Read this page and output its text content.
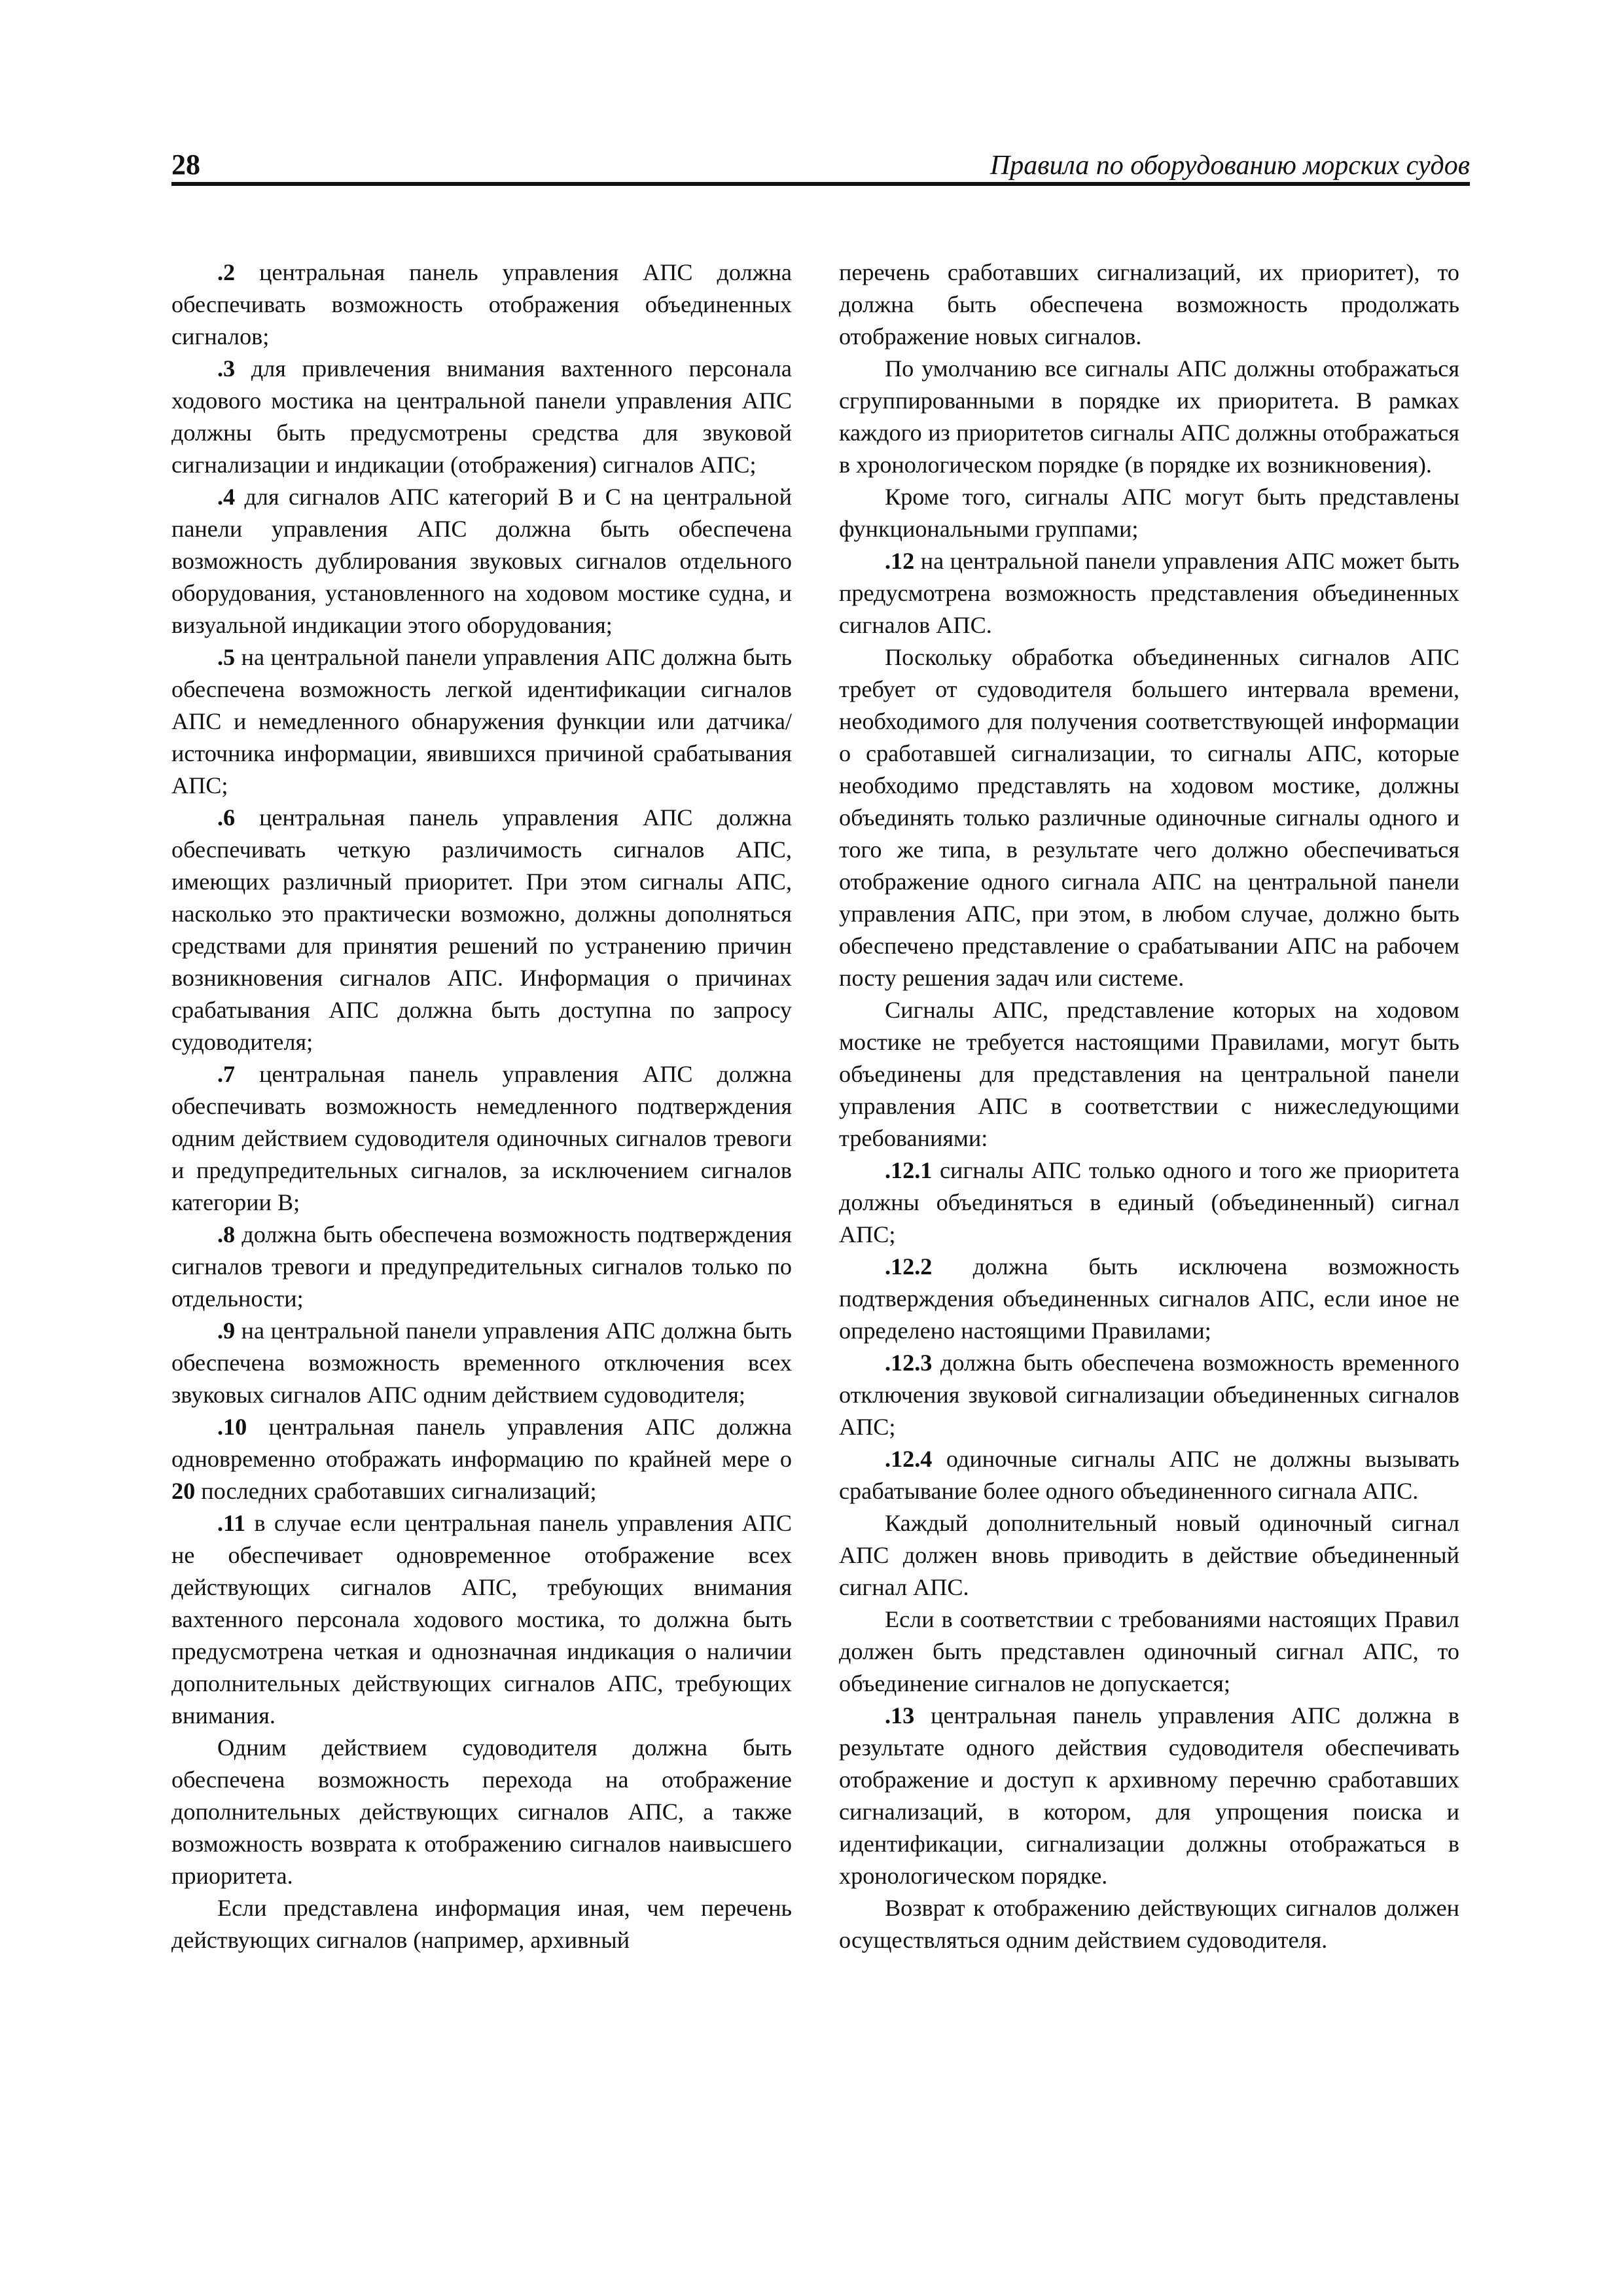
28	Правила по оборудованию морских судов

.2 центральная панель управления АПС должна обеспечивать возможность отображения объединенных сигналов;

.3 для привлечения внимания вахтенного персонала ходового мостика на центральной панели управления АПС должны быть предусмотрены средства для звуковой сигнализации и индикации (отображения) сигналов АПС;

.4 для сигналов АПС категорий В и С на центральной панели управления АПС должна быть обеспечена возможность дублирования звуковых сигналов отдельного оборудования, установленного на ходовом мостике судна, и визуальной индикации этого оборудования;

.5 на центральной панели управления АПС должна быть обеспечена возможность легкой идентификации сигналов АПС и немедленного обнаружения функции или датчика/источника информации, явившихся причиной срабатывания АПС;

.6 центральная панель управления АПС должна обеспечивать четкую различимость сигналов АПС, имеющих различный приоритет. При этом сигналы АПС, насколько это практически возможно, должны дополняться средствами для принятия решений по устранению причин возникновения сигналов АПС. Информация о причинах срабатывания АПС должна быть доступна по запросу судоводителя;

.7 центральная панель управления АПС должна обеспечивать возможность немедленного подтверждения одним действием судоводителя одиночных сигналов тревоги и предупредительных сигналов, за исключением сигналов категории В;

.8 должна быть обеспечена возможность подтверждения сигналов тревоги и предупредительных сигналов только по отдельности;

.9 на центральной панели управления АПС должна быть обеспечена возможность временного отключения всех звуковых сигналов АПС одним действием судоводителя;

.10 центральная панель управления АПС должна одновременно отображать информацию по крайней мере о 20 последних сработавших сигнализаций;

.11 в случае если центральная панель управления АПС не обеспечивает одновременное отображение всех действующих сигналов АПС, требующих внимания вахтенного персонала ходового мостика, то должна быть предусмотрена четкая и однозначная индикация о наличии дополнительных действующих сигналов АПС, требующих внимания.

Одним действием судоводителя должна быть обеспечена возможность перехода на отображение дополнительных действующих сигналов АПС, а также возможность возврата к отображению сигналов наивысшего приоритета.

Если представлена информация иная, чем перечень действующих сигналов (например, архивный

перечень сработавших сигнализаций, их приоритет), то должна быть обеспечена возможность продолжать отображение новых сигналов.

По умолчанию все сигналы АПС должны отображаться сгруппированными в порядке их приоритета. В рамках каждого из приоритетов сигналы АПС должны отображаться в хронологическом порядке (в порядке их возникновения).

Кроме того, сигналы АПС могут быть представлены функциональными группами;

.12 на центральной панели управления АПС может быть предусмотрена возможность представления объединенных сигналов АПС.

Поскольку обработка объединенных сигналов АПС требует от судоводителя большего интервала времени, необходимого для получения соответствующей информации о сработавшей сигнализации, то сигналы АПС, которые необходимо представлять на ходовом мостике, должны объединять только различные одиночные сигналы одного и того же типа, в результате чего должно обеспечиваться отображение одного сигнала АПС на центральной панели управления АПС, при этом, в любом случае, должно быть обеспечено представление о срабатывании АПС на рабочем посту решения задач или системе.

Сигналы АПС, представление которых на ходовом мостике не требуется настоящими Правилами, могут быть объединены для представления на центральной панели управления АПС в соответствии с нижеследующими требованиями:

.12.1 сигналы АПС только одного и того же приоритета должны объединяться в единый (объединенный) сигнал АПС;

.12.2 должна быть исключена возможность подтверждения объединенных сигналов АПС, если иное не определено настоящими Правилами;

.12.3 должна быть обеспечена возможность временного отключения звуковой сигнализации объединенных сигналов АПС;

.12.4 одиночные сигналы АПС не должны вызывать срабатывание более одного объединенного сигнала АПС.

Каждый дополнительный новый одиночный сигнал АПС должен вновь приводить в действие объединенный сигнал АПС.

Если в соответствии с требованиями настоящих Правил должен быть представлен одиночный сигнал АПС, то объединение сигналов не допускается;

.13 центральная панель управления АПС должна в результате одного действия судоводителя обеспечивать отображение и доступ к архивному перечню сработавших сигнализаций, в котором, для упрощения поиска и идентификации, сигнализации должны отображаться в хронологическом порядке.

Возврат к отображению действующих сигналов должен осуществляться одним действием судоводителя.
